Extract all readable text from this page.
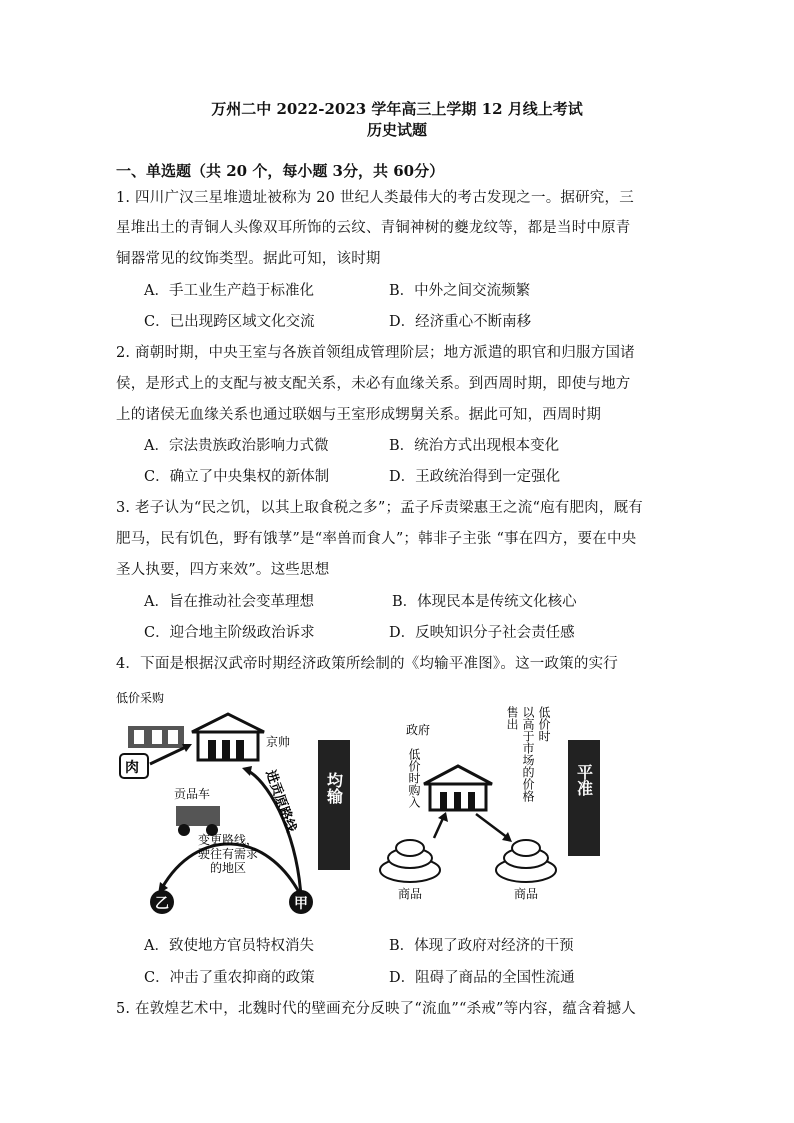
万州二中 2022-2023 学年高三上学期 12 月线上考试
历史试题
一、单选题（共 20 个，每小题 3分，共 60分）
1. 四川广汉三星堆遗址被称为 20 世纪人类最伟大的考古发现之一。据研究，三
星堆出土的青铜人头像双耳所饰的云纹、青铜神树的夔龙纹等，都是当时中原青
铜器常见的纹饰类型。据此可知，该时期
A．手工业生产趋于标准化	B．中外之间交流频繁
C．已出现跨区域文化交流	D．经济重心不断南移
2. 商朝时期，中央王室与各族首领组成管理阶层；地方派遣的职官和归服方国诸
侯，是形式上的支配与被支配关系，未必有血缘关系。到西周时期，即使与地方
上的诸侯无血缘关系也通过联姻与王室形成甥舅关系。据此可知，西周时期
A．宗法贵族政治影响力式微	B．统治方式出现根本变化
C．确立了中央集权的新体制	D．王政统治得到一定强化
3. 老子认为“民之饥，以其上取食税之多”；孟子斥责梁惠王之流“庖有肥肉，厩有
肥马，民有饥色，野有饿莩”是“率兽而食人”；韩非子主张 “事在四方，要在中央
圣人执要，四方来效”。这些思想
A．旨在推动社会变革理想	B．体现民本是传统文化核心
C．迎合地主阶级政治诉求	D．反映知识分子社会责任感
4．下面是根据汉武帝时期经济政策所绘制的《均输平准图》。这一政策的实行
低价采购
肉
京帅
进贡原路线
贡品车
变更路线，
驶往有需求
的地区
乙	甲
均输
政府
低价时购入
售出 以高于市场的价格 低价时
商品	商品
平准
A．致使地方官员特权消失	B．体现了政府对经济的干预
C．冲击了重农抑商的政策	D．阻碍了商品的全国性流通
5. 在敦煌艺术中，北魏时代的壁画充分反映了“流血”“杀戒”等内容，蕴含着撼人
